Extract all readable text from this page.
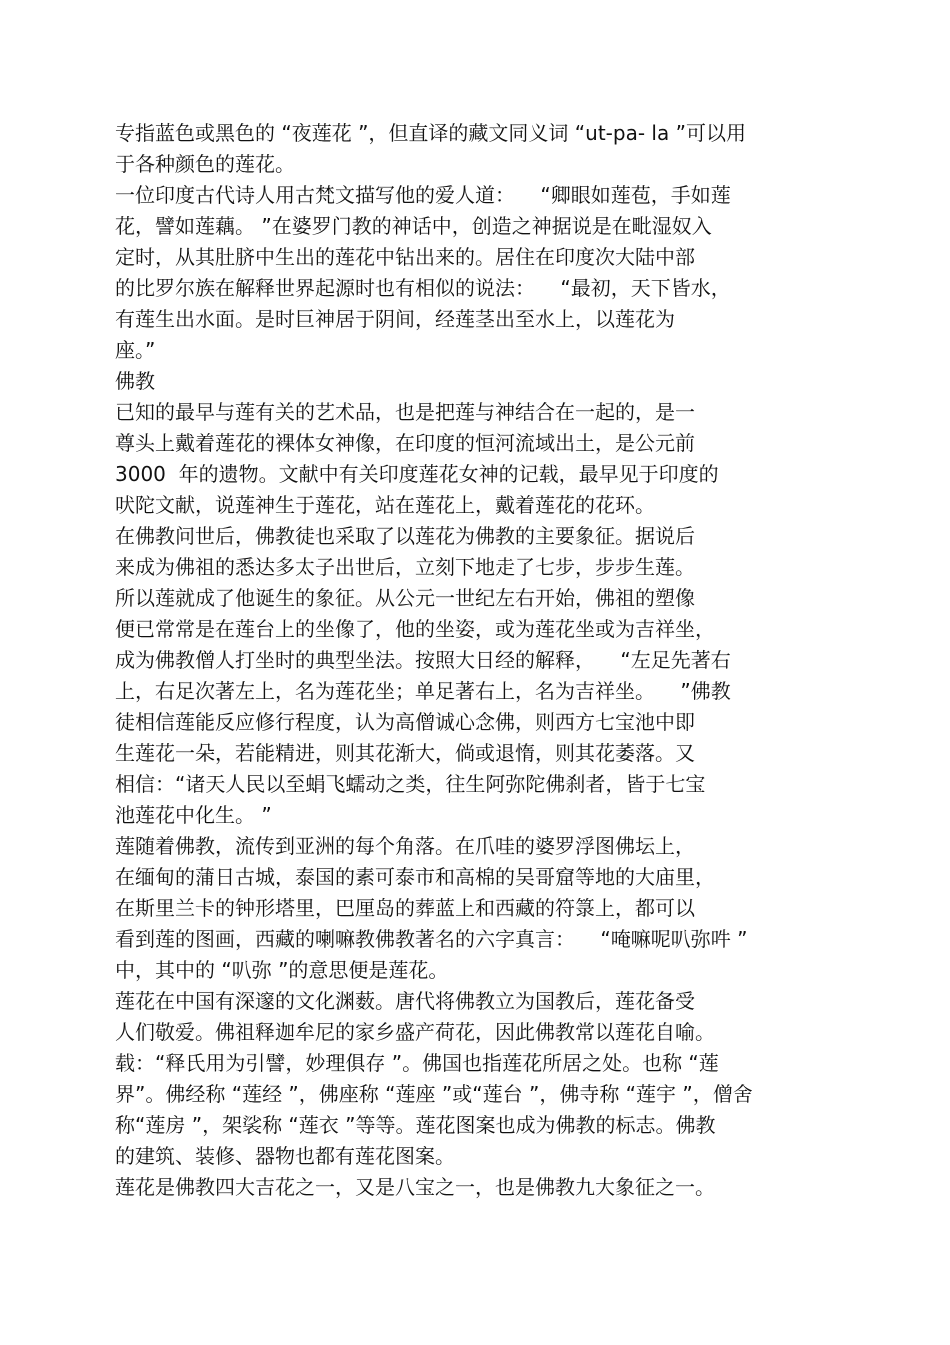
专指蓝色或黑色的 “夜莲花 ”，但直译的藏文同义词 “ut-pa- la ”可以用
于各种颜色的莲花。
一位印度古代诗人用古梵文描写他的爱人道：    “卿眼如莲苞，手如莲
花，譬如莲藕。 ”在婆罗门教的神话中，创造之神据说是在毗湿奴入
定时，从其肚脐中生出的莲花中钻出来的。居住在印度次大陆中部
的比罗尔族在解释世界起源时也有相似的说法：    “最初，天下皆水，
有莲生出水面。是时巨神居于阴间，经莲茎出至水上，以莲花为
座。”
佛教
已知的最早与莲有关的艺术品，也是把莲与神结合在一起的，是一
尊头上戴着莲花的裸体女神像，在印度的恒河流域出土，是公元前
3000  年的遗物。文献中有关印度莲花女神的记载，最早见于印度的
吠陀文献，说莲神生于莲花，站在莲花上，戴着莲花的花环。
在佛教问世后，佛教徒也采取了以莲花为佛教的主要象征。据说后
来成为佛祖的悉达多太子出世后，立刻下地走了七步，步步生莲。
所以莲就成了他诞生的象征。从公元一世纪左右开始，佛祖的塑像
便已常常是在莲台上的坐像了，他的坐姿，或为莲花坐或为吉祥坐，
成为佛教僧人打坐时的典型坐法。按照大日经的解释，    “左足先著右
上，右足次著左上，名为莲花坐；单足著右上，名为吉祥坐。    ”佛教
徒相信莲能反应修行程度，认为高僧诚心念佛，则西方七宝池中即
生莲花一朵，若能精进，则其花渐大，倘或退惰，则其花萎落。又
相信：“诸天人民以至蜎飞蠕动之类，往生阿弥陀佛刹者，皆于七宝
池莲花中化生。 ”
莲随着佛教，流传到亚洲的每个角落。在爪哇的婆罗浮图佛坛上，
在缅甸的蒲日古城，泰国的素可泰市和高棉的吴哥窟等地的大庙里，
在斯里兰卡的钟形塔里，巴厘岛的葬蓝上和西藏的符箓上，都可以
看到莲的图画，西藏的喇嘛教佛教著名的六字真言：    “唵嘛呢叭弥吽 ”
中，其中的 “叭弥 ”的意思便是莲花。
莲花在中国有深邃的文化渊薮。唐代将佛教立为国教后，莲花备受
人们敬爱。佛祖释迦牟尼的家乡盛产荷花，因此佛教常以莲花自喻。
载：“释氏用为引譬，妙理俱存 ”。佛国也指莲花所居之处。也称 “莲
界”。佛经称 “莲经 ”，佛座称 “莲座 ”或“莲台 ”，佛寺称 “莲宇 ”，僧舍
称“莲房 ”，架裟称 “莲衣 ”等等。莲花图案也成为佛教的标志。佛教
的建筑、装修、器物也都有莲花图案。
莲花是佛教四大吉花之一，又是八宝之一，也是佛教九大象征之一。
